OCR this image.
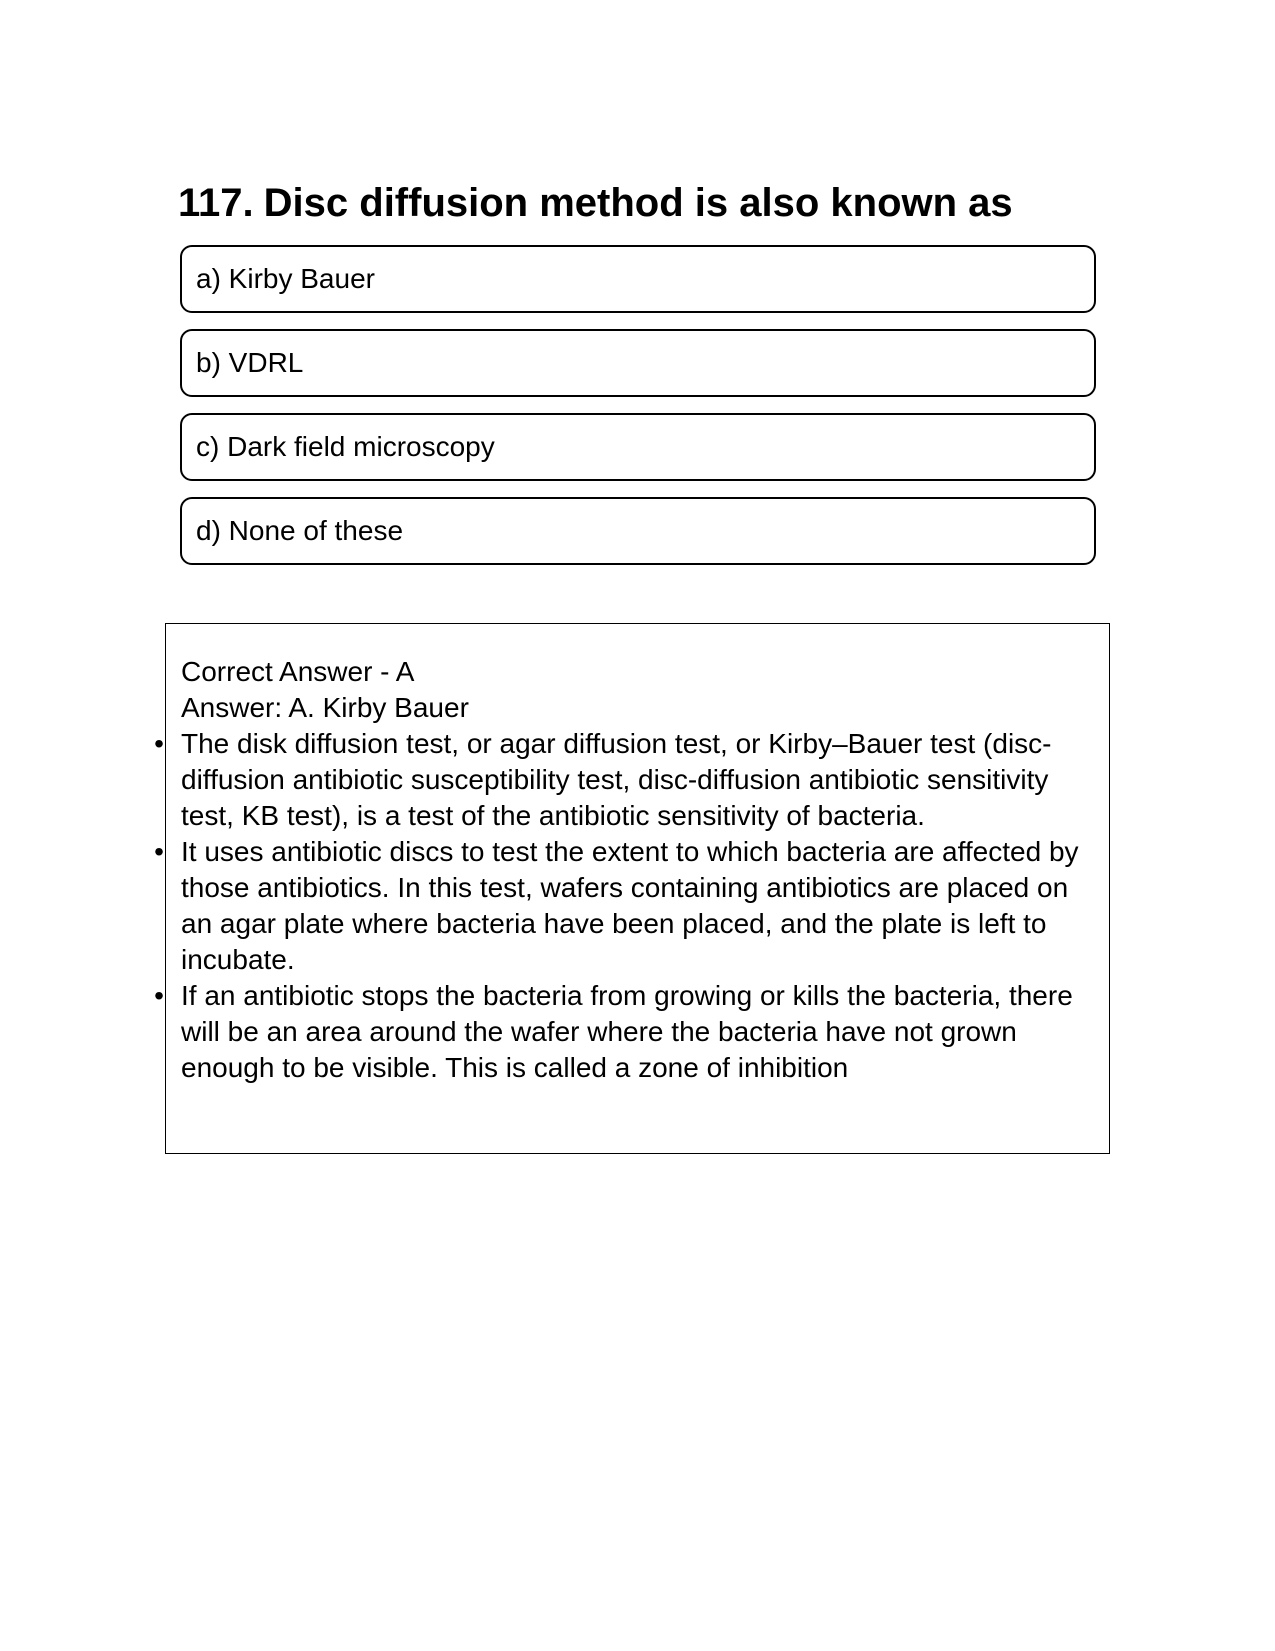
117. Disc diffusion method is also known as
a) Kirby Bauer
b) VDRL
c) Dark field microscopy
d) None of these
Correct Answer - A
Answer: A. Kirby Bauer
• The disk diffusion test, or agar diffusion test, or Kirby–Bauer test (disc-diffusion antibiotic susceptibility test, disc-diffusion antibiotic sensitivity test, KB test), is a test of the antibiotic sensitivity of bacteria.
• It uses antibiotic discs to test the extent to which bacteria are affected by those antibiotics. In this test, wafers containing antibiotics are placed on an agar plate where bacteria have been placed, and the plate is left to incubate.
• If an antibiotic stops the bacteria from growing or kills the bacteria, there will be an area around the wafer where the bacteria have not grown enough to be visible. This is called a zone of inhibition
